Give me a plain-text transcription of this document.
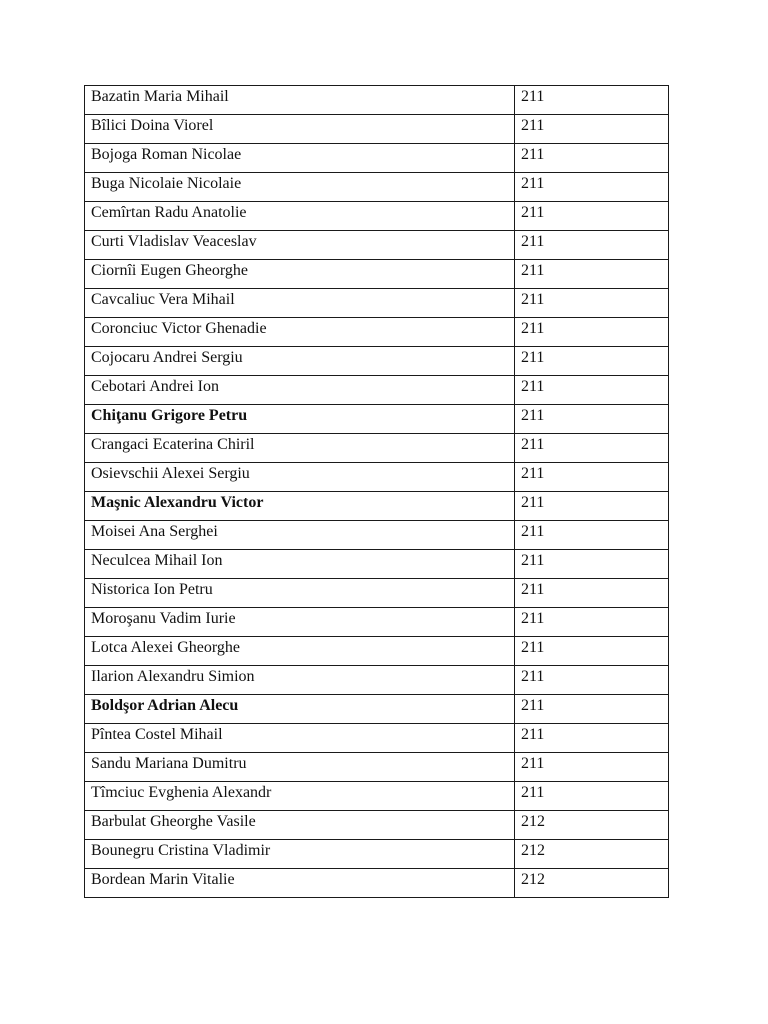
Bazatin Maria Mihail	211
Bîlici Doina Viorel	211
Bojoga Roman Nicolae	211
Buga Nicolaie Nicolaie	211
Cemîrtan Radu Anatolie	211
Curti Vladislav Veaceslav	211
Ciornîi Eugen Gheorghe	211
Cavcaliuc Vera Mihail	211
Coronciuc Victor Ghenadie	211
Cojocaru Andrei Sergiu	211
Cebotari Andrei Ion	211
Chiţanu Grigore Petru	211
Crangaci Ecaterina Chiril	211
Osievschii Alexei Sergiu	211
Maşnic Alexandru Victor	211
Moisei Ana Serghei	211
Neculcea Mihail Ion	211
Nistorica Ion Petru	211
Moroşanu Vadim Iurie	211
Lotca Alexei Gheorghe	211
Ilarion Alexandru Simion	211
Boldşor Adrian Alecu	211
Pîntea Costel Mihail	211
Sandu Mariana Dumitru	211
Tîmciuc Evghenia Alexandr	211
Barbulat Gheorghe Vasile	212
Bounegru Cristina Vladimir	212
Bordean Marin Vitalie	212
